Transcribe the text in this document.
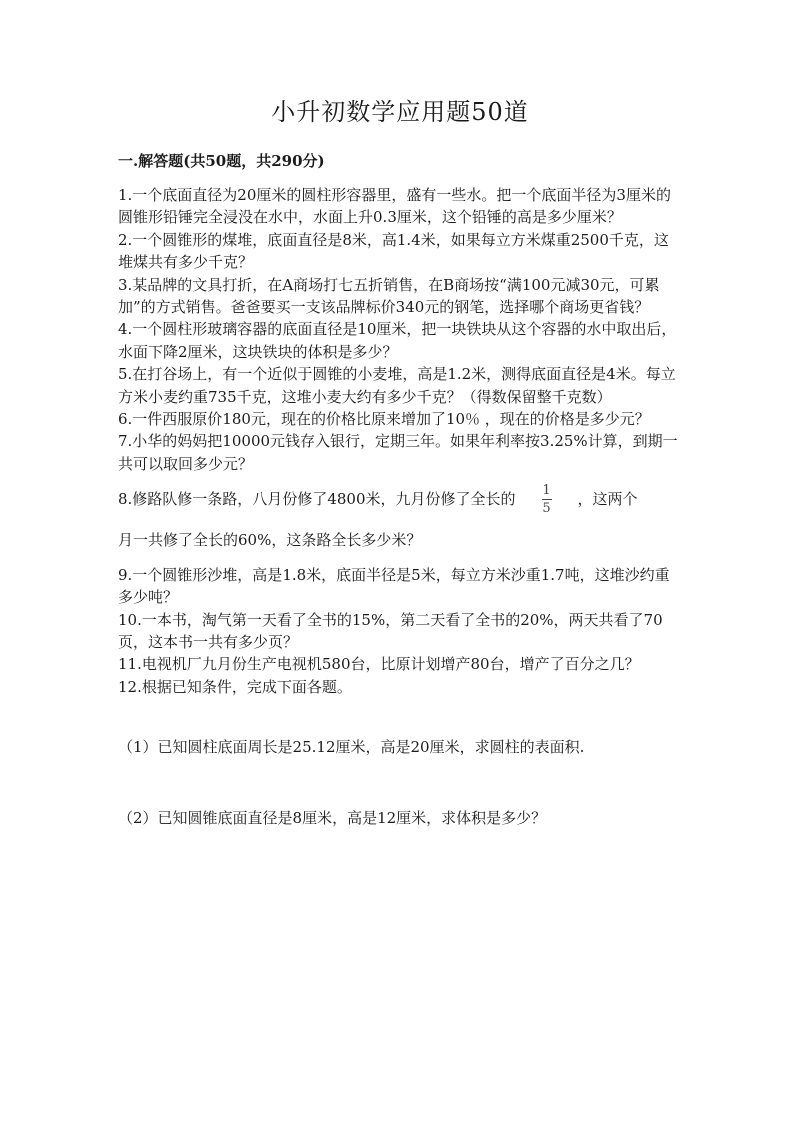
小升初数学应用题50道
一.解答题(共50题，共290分)

1.一个底面直径为20厘米的圆柱形容器里，盛有一些水。把一个底面半径为3厘米的圆锥形铅锤完全浸没在水中，水面上升0.3厘米，这个铅锤的高是多少厘米？

2.一个圆锥形的煤堆，底面直径是8米，高1.4米，如果每立方米煤重2500千克，这堆煤共有多少千克？

3.某品牌的文具打折，在A商场打七五折销售，在B商场按“满100元减30元，可累加”的方式销售。爸爸要买一支该品牌标价340元的钢笔，选择哪个商场更省钱？

4.一个圆柱形玻璃容器的底面直径是10厘米，把一块铁块从这个容器的水中取出后，水面下降2厘米，这块铁块的体积是多少？

5.在打谷场上，有一个近似于圆锥的小麦堆，高是1.2米，测得底面直径是4米。每立方米小麦约重735千克，这堆小麦大约有多少千克？（得数保留整千克数）

6.一件西服原价180元，现在的价格比原来增加了10％ ，现在的价格是多少元？

7.小华的妈妈把10000元钱存入银行，定期三年。如果年利率按3.25%计算，到期一共可以取回多少元？

8.修路队修一条路，八月份修了4800米，九月份修了全长的 $\frac{1}{5}$ ，这两个

月一共修了全长的60%，这条路全长多少米？

9.一个圆锥形沙堆，高是1.8米，底面半径是5米，每立方米沙重1.7吨，这堆沙约重多少吨？

10.一本书，淘气第一天看了全书的15%，第二天看了全书的20%，两天共看了70页，这本书一共有多少页？

11.电视机厂九月份生产电视机580台，比原计划增产80台，增产了百分之几？

12.根据已知条件，完成下面各题。

（1）已知圆柱底面周长是25.12厘米，高是20厘米，求圆柱的表面积.

（2）已知圆锥底面直径是8厘米，高是12厘米，求体积是多少？
